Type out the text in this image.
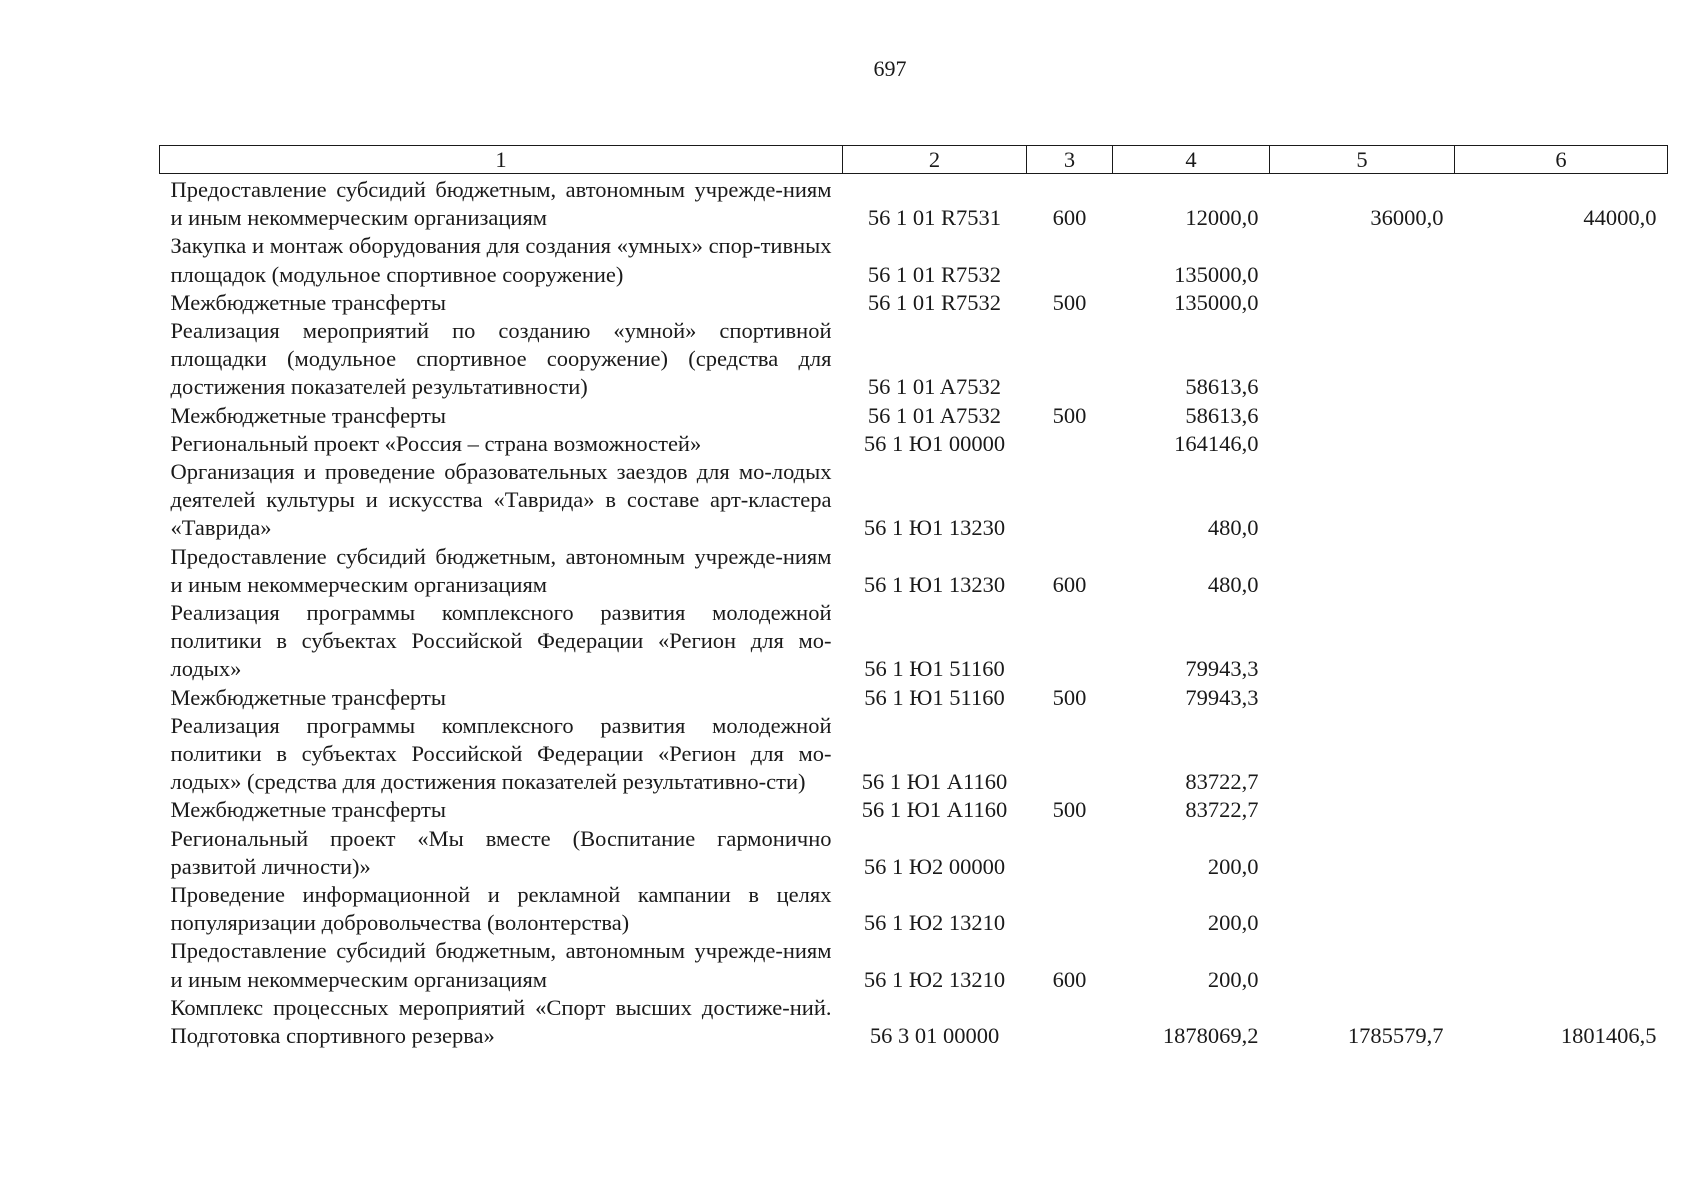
697
1	2	3	4	5	6
Предоставление субсидий бюджетным, автономным учрежде-ниям и иным некоммерческим организациям	56 1 01 R7531	600	12000,0	36000,0	44000,0
Закупка и монтаж оборудования для создания «умных» спор-тивных площадок (модульное спортивное сооружение)	56 1 01 R7532		135000,0		
Межбюджетные трансферты	56 1 01 R7532	500	135000,0		
Реализация мероприятий по созданию «умной» спортивной площадки (модульное спортивное сооружение) (средства для достижения показателей результативности)	56 1 01 A7532		58613,6		
Межбюджетные трансферты	56 1 01 A7532	500	58613,6		
Региональный проект «Россия – страна возможностей»	56 1 Ю1 00000		164146,0		
Организация и проведение образовательных заездов для мо-лодых деятелей культуры и искусства «Таврида» в составе арт-кластера «Таврида»	56 1 Ю1 13230		480,0		
Предоставление субсидий бюджетным, автономным учрежде-ниям и иным некоммерческим организациям	56 1 Ю1 13230	600	480,0		
Реализация программы комплексного развития молодежной политики в субъектах Российской Федерации «Регион для мо-лодых»	56 1 Ю1 51160		79943,3		
Межбюджетные трансферты	56 1 Ю1 51160	500	79943,3		
Реализация программы комплексного развития молодежной политики в субъектах Российской Федерации «Регион для мо-лодых» (средства для достижения показателей результативно-сти)	56 1 Ю1 A1160		83722,7		
Межбюджетные трансферты	56 1 Ю1 A1160	500	83722,7		
Региональный проект «Мы вместе (Воспитание гармонично развитой личности)»	56 1 Ю2 00000		200,0		
Проведение информационной и рекламной кампании в целях популяризации добровольчества (волонтерства)	56 1 Ю2 13210		200,0		
Предоставление субсидий бюджетным, автономным учрежде-ниям и иным некоммерческим организациям	56 1 Ю2 13210	600	200,0		
Комплекс процессных мероприятий «Спорт высших достиже-ний. Подготовка спортивного резерва»	56 3 01 00000		1878069,2	1785579,7	1801406,5
